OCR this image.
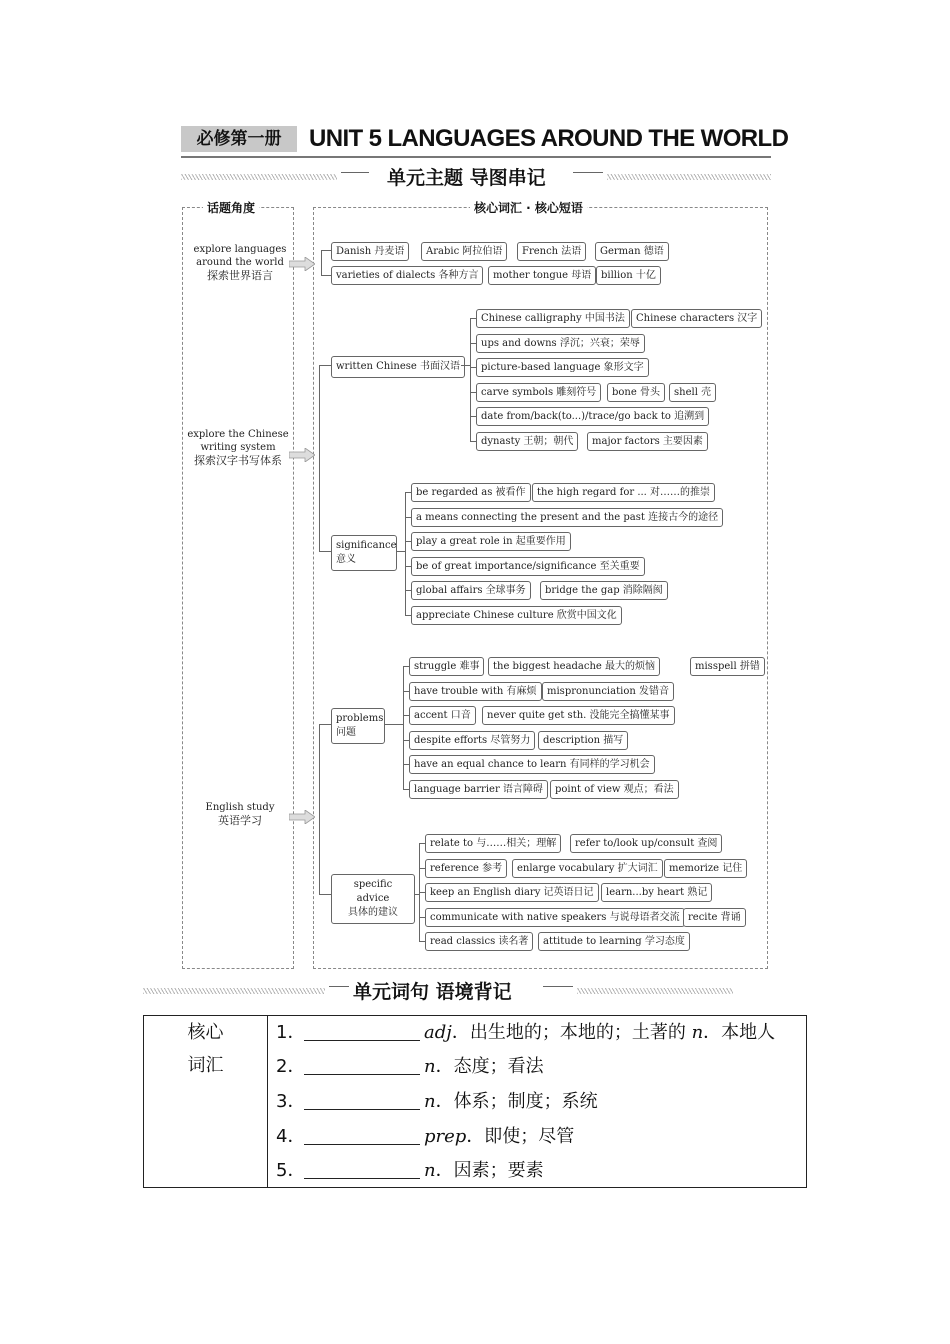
必修第一册	UNIT 5 LANGUAGES AROUND THE WORLD
单元主题 导图串记
话题角度	核心词汇 · 核心短语
explore languages around the world
探索世界语言
explore the Chinese writing system
探索汉字书写体系
English study
英语学习
Danish 丹麦语	Arabic 阿拉伯语	French 法语	German 德语
varieties of dialects 各种方言	mother tongue 母语 billion 十亿
written Chinese 书面汉语
Chinese calligraphy 中国书法	Chinese characters 汉字
ups and downs 浮沉；兴衰；荣辱
picture-based language 象形文字
carve symbols 雕刻符号	bone 骨头	shell 壳
date from/back(to...)/trace/go back to 追溯到
dynasty 王朝；朝代	major factors 主要因素
significance
意义
be regarded as 被看作	the high regard for ... 对……的推崇
a means connecting the present and the past 连接古今的途径
play a great role in 起重要作用
be of great importance/significance 至关重要
global affairs 全球事务	bridge the gap 消除隔阂
appreciate Chinese culture 欣赏中国文化
problems
问题
struggle 难事	the biggest headache 最大的烦恼	misspell 拼错
have trouble with 有麻烦	mispronunciation 发错音
accent 口音	never quite get sth. 没能完全搞懂某事
despite efforts 尽管努力	description 描写
have an equal chance to learn 有同样的学习机会
language barrier 语言障碍	point of view 观点；看法
specific advice
具体的建议
relate to 与……相关；理解	refer to/look up/consult 查阅
reference 参考	enlarge vocabulary 扩大词汇	memorize 记住
keep an English diary 记英语日记	learn...by heart 熟记
communicate with native speakers 与说母语者交流 recite 背诵
read classics 读名著	attitude to learning 学习态度
单元词句 语境背记
核心
词汇
1．	adj．出生地的；本地的；土著的 n．本地人
2．	n．态度；看法
3．	n．体系；制度；系统
4．	prep．即使；尽管
5．	n．因素；要素
